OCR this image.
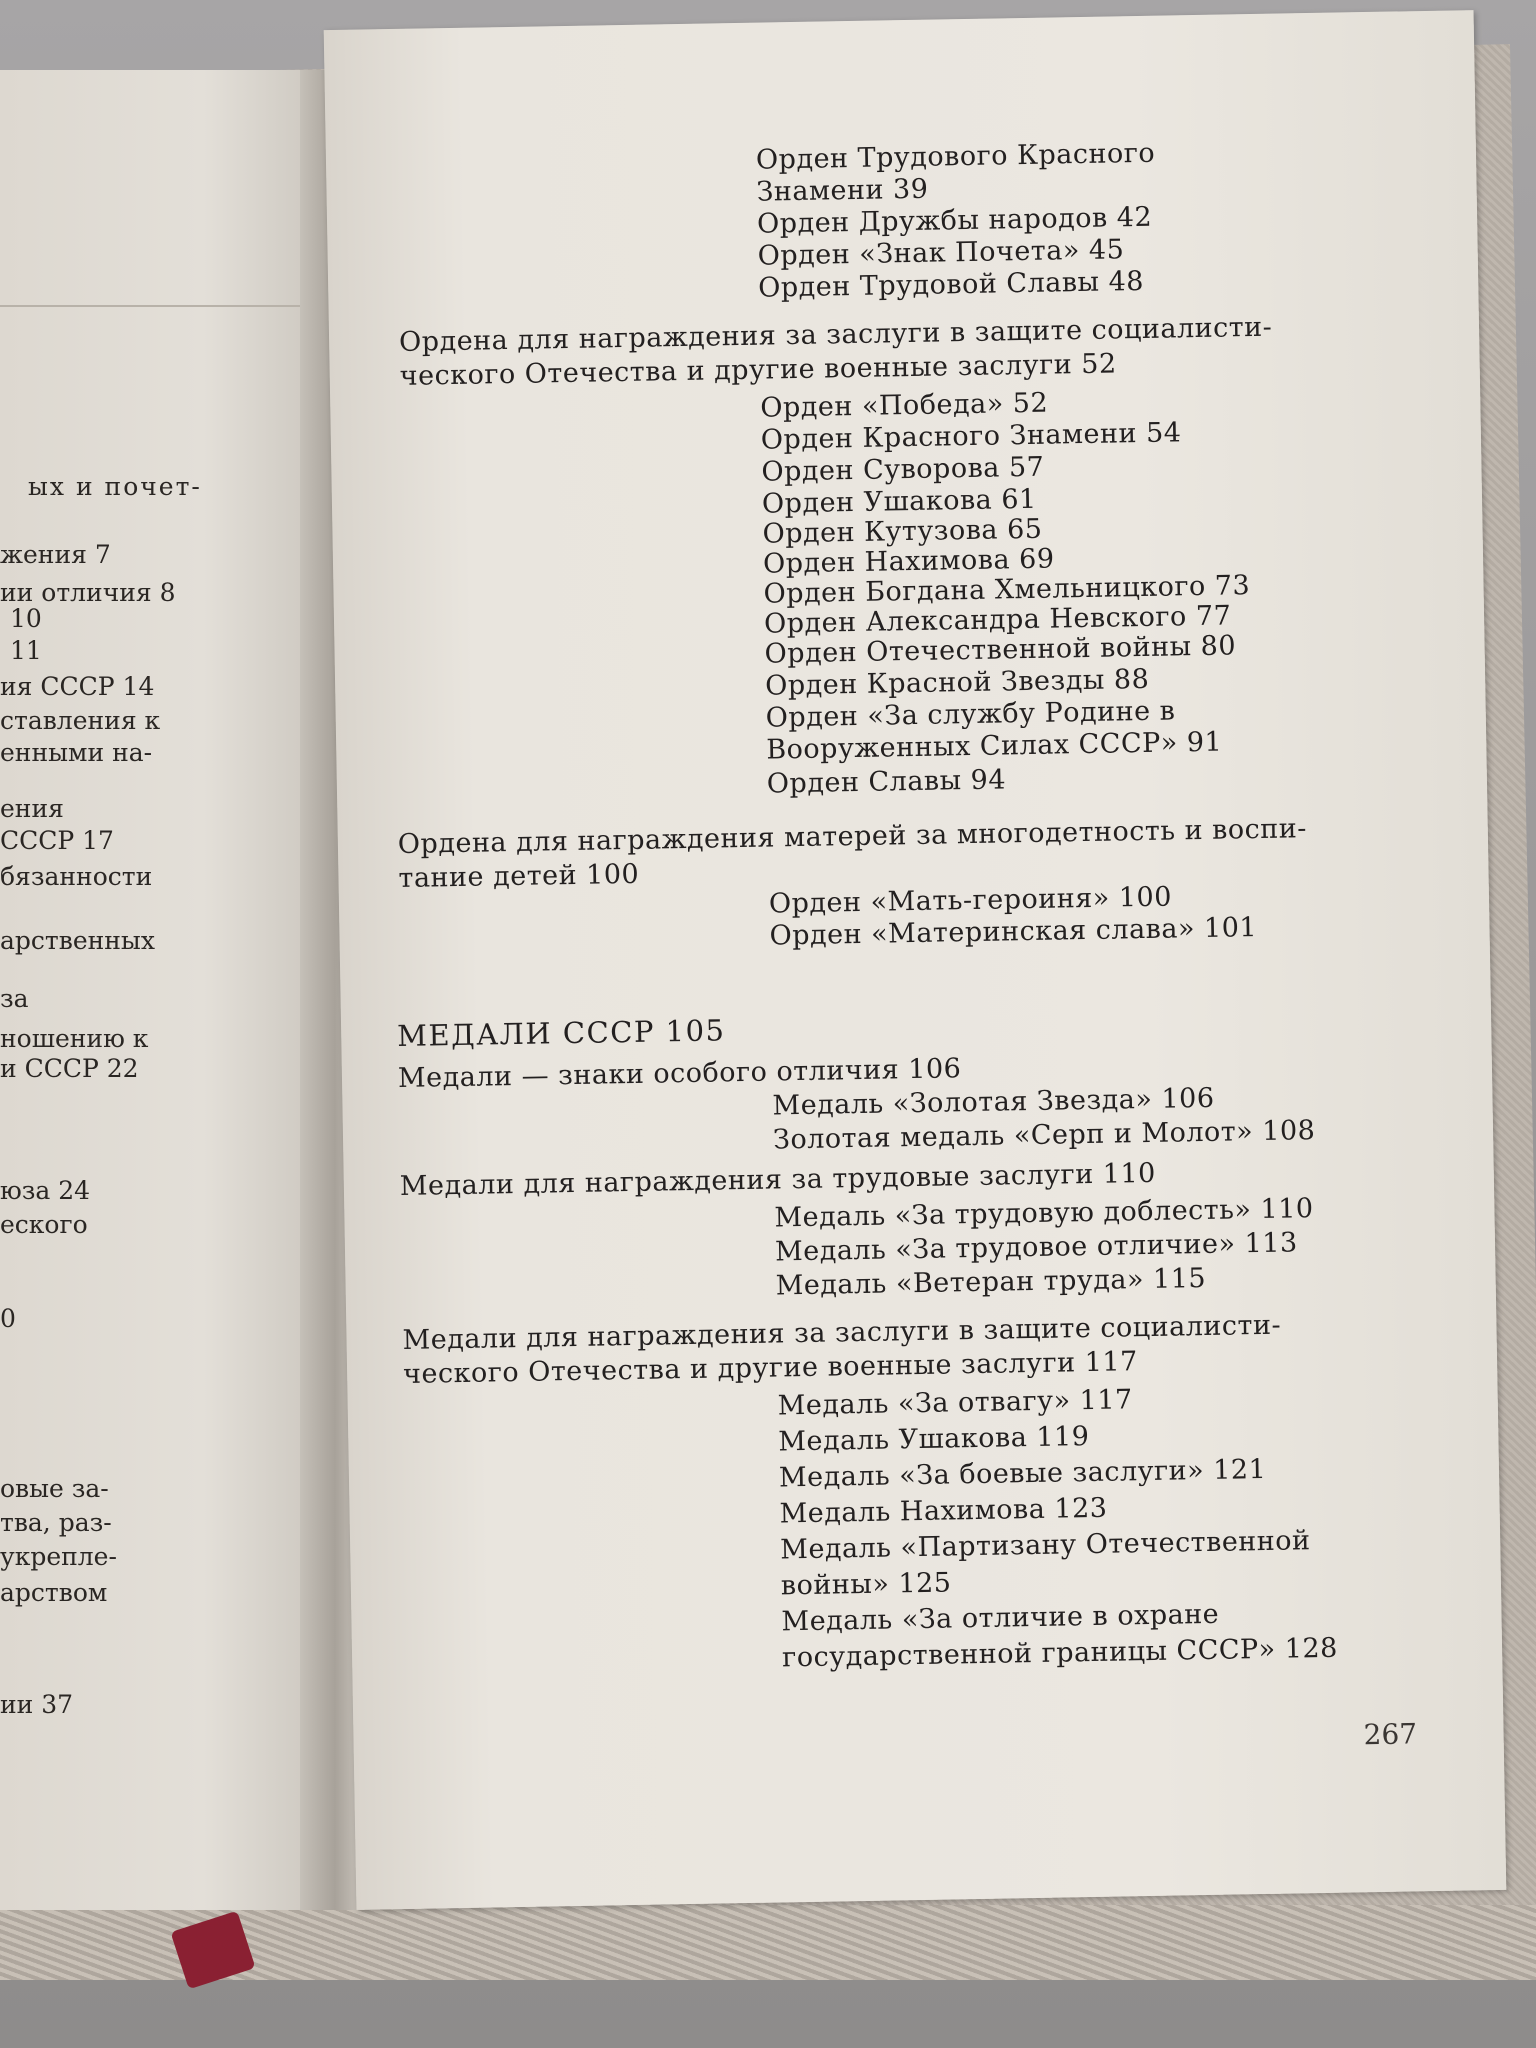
ых и почет-
жения 7
ии отличия 8
10
11
ия СССР 14
ставления к
енными на-
ения
СССР 17
бязанности
арственных
за
ношению к
и СССР 22
юза 24
еского
0
овые за-
тва, раз-
укрепле-
арством
ии 37
Орден Трудового Красного
Знамени 39
Орден Дружбы народов 42
Орден «Знак Почета» 45
Орден Трудовой Славы 48
Ордена для награждения за заслуги в защите социалисти-
ческого Отечества и другие военные заслуги 52
Орден «Победа» 52
Орден Красного Знамени 54
Орден Суворова 57
Орден Ушакова 61
Орден Кутузова 65
Орден Нахимова 69
Орден Богдана Хмельницкого 73
Орден Александра Невского 77
Орден Отечественной войны 80
Орден Красной Звезды 88
Орден «За службу Родине в
Вооруженных Силах СССР» 91
Орден Славы 94
Ордена для награждения матерей за многодетность и воспи-
тание детей 100
Орден «Мать-героиня» 100
Орден «Материнская слава» 101
МЕДАЛИ СССР 105
Медали — знаки особого отличия 106
Медаль «Золотая Звезда» 106
Золотая медаль «Серп и Молот» 108
Медали для награждения за трудовые заслуги 110
Медаль «За трудовую доблесть» 110
Медаль «За трудовое отличие» 113
Медаль «Ветеран труда» 115
Медали для награждения за заслуги в защите социалисти-
ческого Отечества и другие военные заслуги 117
Медаль «За отвагу» 117
Медаль Ушакова 119
Медаль «За боевые заслуги» 121
Медаль Нахимова 123
Медаль «Партизану Отечественной
войны» 125
Медаль «За отличие в охране
государственной границы СССР» 128
267
